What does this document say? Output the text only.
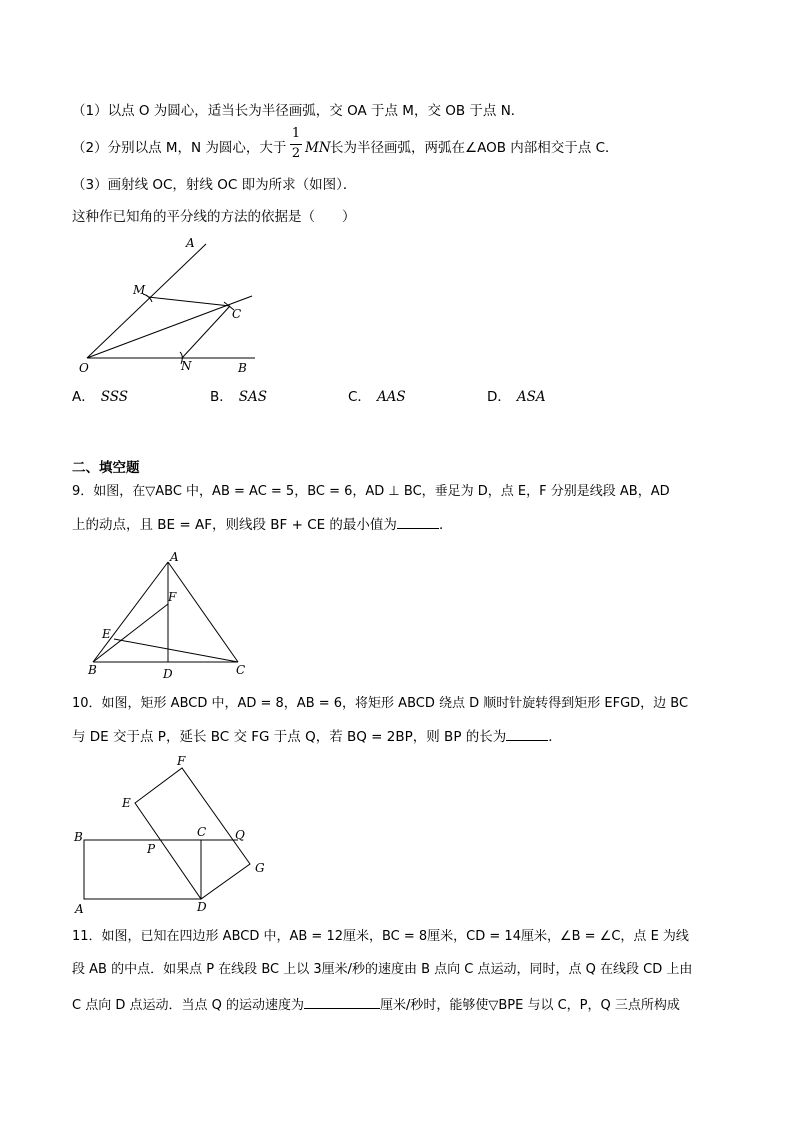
（1）以点 O 为圆心，适当长为半径画弧，交 OA 于点 M，交 OB 于点 N．
（2）分别以点 M，N 为圆心，大于
1
2 MN 长为半径画弧，两弧在∠AOB 内部相交于点 C．
（3）画射线 OC，射线 OC 即为所求（如图）．
这种作已知角的平分线的方法的依据是（　　）
A
M
C
O	N	B
A． SSS	B． SAS	C． AAS	D． ASA
二、填空题
9．如图，在▽ABC 中，AB = AC = 5，BC = 6，AD ⊥ BC，垂足为 D，点 E，F 分别是线段 AB，AD
上的动点，且 BE = AF，则线段 BF + CE 的最小值为	．
A
F
E
B	D	C
10．如图，矩形 ABCD 中，AD = 8，AB = 6，将矩形 ABCD 绕点 D 顺时针旋转得到矩形 EFGD，边 BC
与 DE 交于点 P，延长 BC 交 FG 于点 Q，若 BQ = 2BP，则 BP 的长为	．
F
E
B	C Q
P
G
A	D
11．如图，已知在四边形 ABCD 中，AB = 12厘米，BC = 8厘米，CD = 14厘米，∠B = ∠C，点 E 为线
段 AB 的中点．如果点 P 在线段 BC 上以 3厘米/秒的速度由 B 点向 C 点运动，同时，点 Q 在线段 CD 上由
C 点向 D 点运动．当点 Q 的运动速度为	厘米/秒时，能够使▽BPE 与以 C，P，Q 三点所构成
